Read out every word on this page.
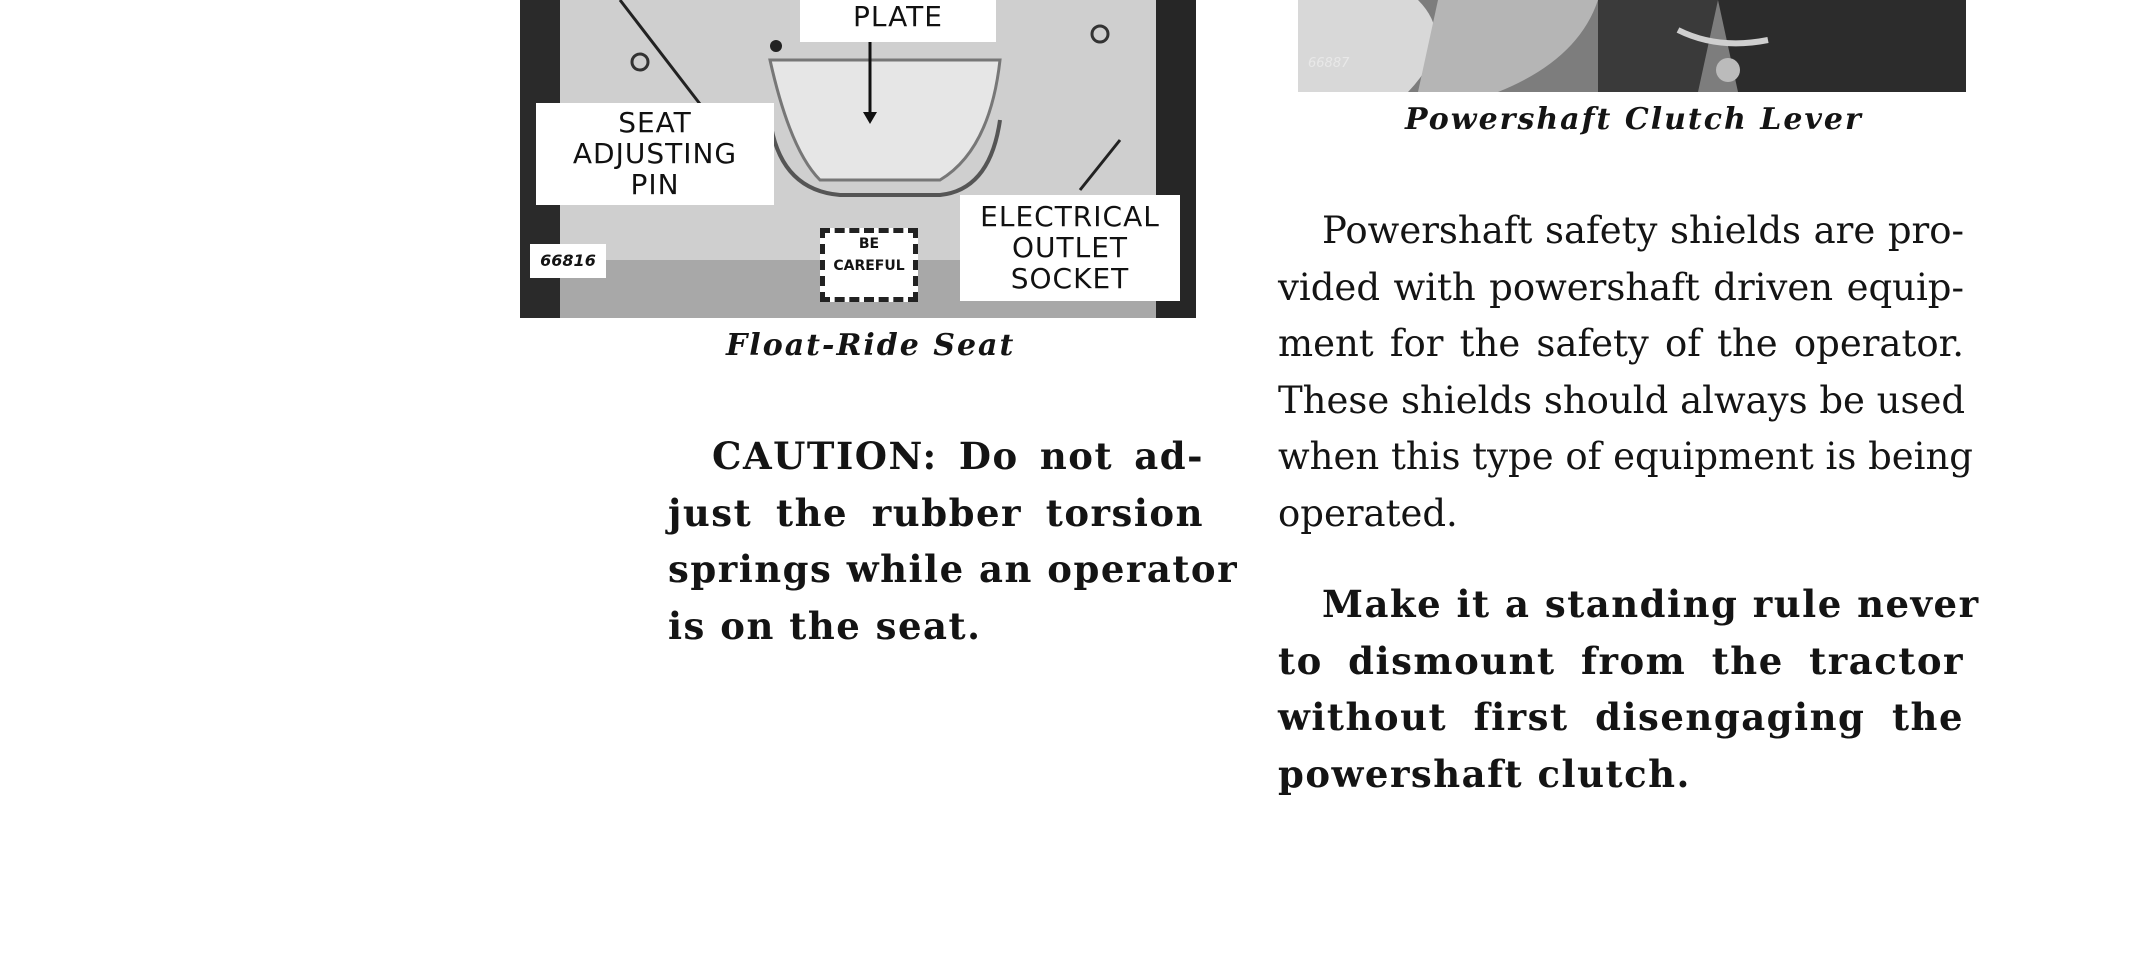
PLATE
SEAT
ADJUSTING
PIN
ELECTRICAL
OUTLET
SOCKET
66816
BE CAREFUL
Float-Ride Seat
66887
Powershaft Clutch Lever
CAUTION: Do not ad-
just the rubber torsion
springs while an operator
is on the seat.
Powershaft safety shields are pro-
vided with powershaft driven equip-
ment for the safety of the operator.
These shields should always be used
when this type of equipment is being
operated.
Make it a standing rule never
to dismount from the tractor
without first disengaging the
powershaft clutch.
